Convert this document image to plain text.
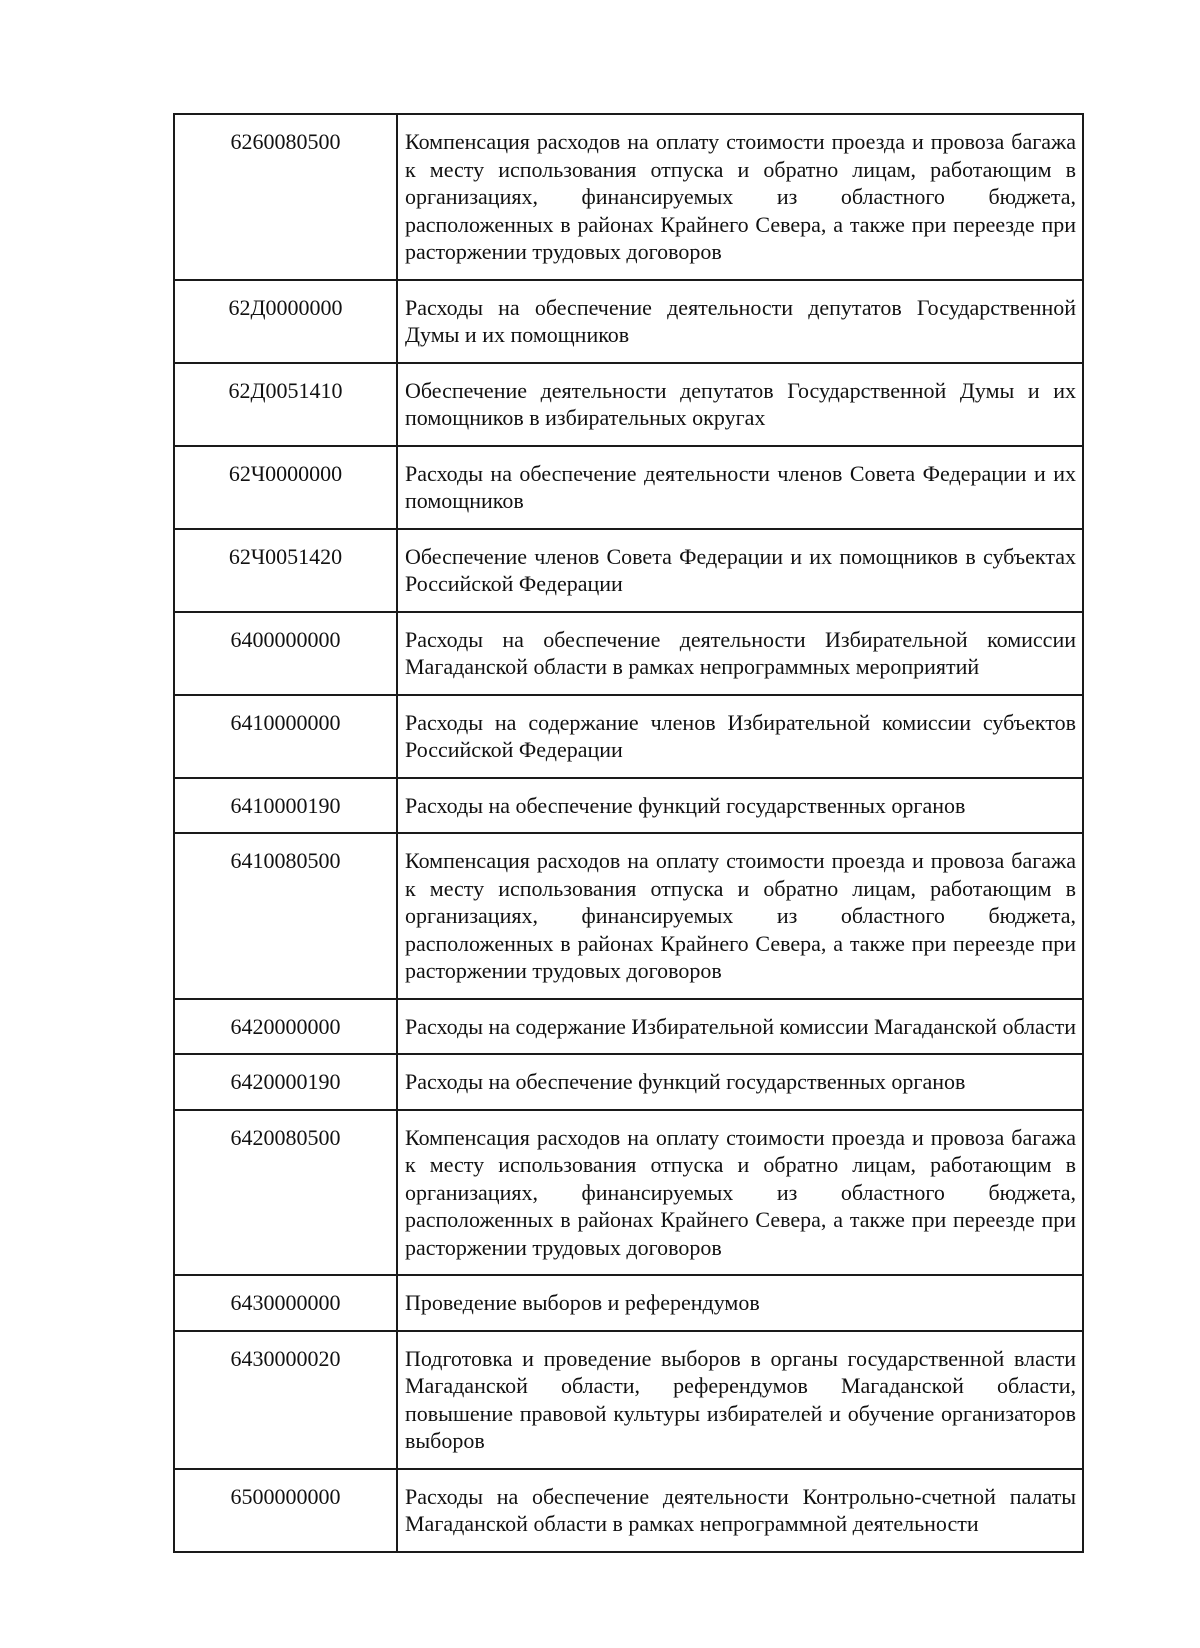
6260080500	Компенсация расходов на оплату стоимости проезда и провоза багажа к месту использования отпуска и обратно лицам, работающим в организациях, финансируемых из областного бюджета, расположенных в районах Крайнего Севера, а также при переезде при расторжении трудовых договоров
62Д0000000	Расходы на обеспечение деятельности депутатов Государственной Думы и их помощников
62Д0051410	Обеспечение деятельности депутатов Государственной Думы и их помощников в избирательных округах
62Ч0000000	Расходы на обеспечение деятельности членов Совета Федерации и их помощников
62Ч0051420	Обеспечение членов Совета Федерации и их помощников в субъектах Российской Федерации
6400000000	Расходы на обеспечение деятельности Избирательной комиссии Магаданской области в рамках непрограммных мероприятий
6410000000	Расходы на содержание членов Избирательной комиссии субъектов Российской Федерации
6410000190	Расходы на обеспечение функций государственных органов
6410080500	Компенсация расходов на оплату стоимости проезда и провоза багажа к месту использования отпуска и обратно лицам, работающим в организациях, финансируемых из областного бюджета, расположенных в районах Крайнего Севера, а также при переезде при расторжении трудовых договоров
6420000000	Расходы на содержание Избирательной комиссии Магаданской области
6420000190	Расходы на обеспечение функций государственных органов
6420080500	Компенсация расходов на оплату стоимости проезда и провоза багажа к месту использования отпуска и обратно лицам, работающим в организациях, финансируемых из областного бюджета, расположенных в районах Крайнего Севера, а также при переезде при расторжении трудовых договоров
6430000000	Проведение выборов и референдумов
6430000020	Подготовка и проведение выборов в органы государственной власти Магаданской области, референдумов Магаданской области, повышение правовой культуры избирателей и обучение организаторов выборов
6500000000	Расходы на обеспечение деятельности Контрольно-счетной палаты Магаданской области в рамках непрограммной деятельности
